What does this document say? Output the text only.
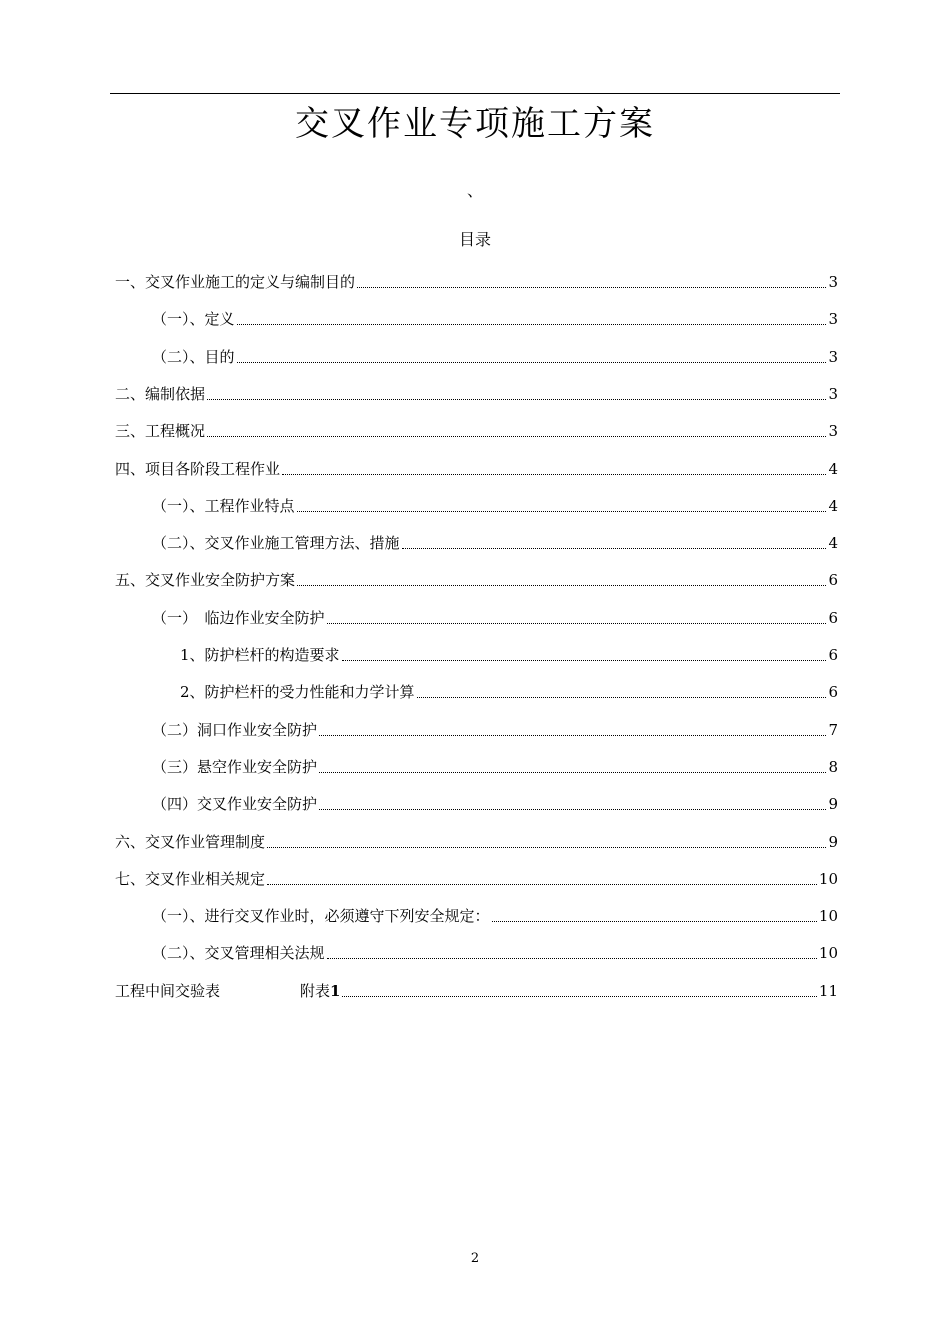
交叉作业专项施工方案
、
目录
一、交叉作业施工的定义与编制目的	3
（一）、定义	3
（二）、目的	3
二、编制依据	3
三、工程概况	3
四、项目各阶段工程作业	4
（一）、工程作业特点	4
（二）、交叉作业施工管理方法、措施	4
五、交叉作业安全防护方案	6
（一）　临边作业安全防护	6
1、防护栏杆的构造要求	6
2、防护栏杆的受力性能和力学计算	6
（二）洞口作业安全防护	7
（三）悬空作业安全防护	8
（四）交叉作业安全防护	9
六、交叉作业管理制度	9
七、交叉作业相关规定	10
（一）、进行交叉作业时，必须遵守下列安全规定：	10
（二）、交叉管理相关法规	10
工程中间交验表	附表1	11
2
